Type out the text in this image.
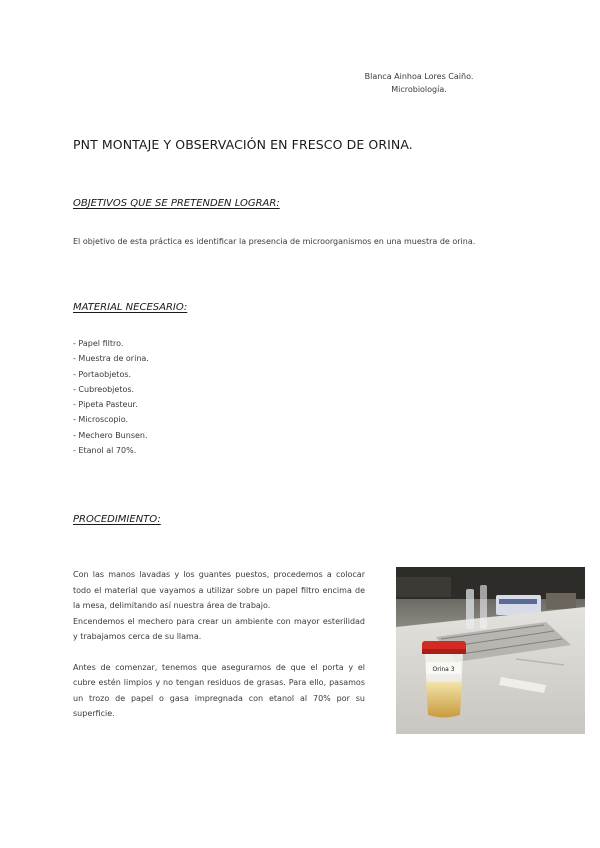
Blanca Ainhoa Lores Caiño.
Microbiología.
PNT MONTAJE Y OBSERVACIÓN EN FRESCO DE ORINA.
OBJETIVOS QUE SE PRETENDEN LOGRAR:
El objetivo de esta práctica es identificar la presencia de microorganismos en una muestra de orina.
MATERIAL NECESARIO:
- Papel filtro.
- Muestra de orina.
- Portaobjetos.
- Cubreobjetos.
- Pipeta Pasteur.
- Microscopio.
- Mechero Bunsen.
- Etanol al 70%.
PROCEDIMIENTO:

Con las manos lavadas y los guantes puestos, procedemos a colocar todo el material que vayamos a utilizar sobre un papel filtro encima de la mesa, delimitando así nuestra área de trabajo.

Encendemos el mechero para crear un ambiente con mayor esterilidad y trabajamos cerca de su llama.

Antes de comenzar, tenemos que asegurarnos de que el porta y el cubre estén limpios y no tengan residuos de grasas. Para ello, pasamos un trozo de papel o gasa impregnada con etanol al 70% por su superficie.

Orina 3
